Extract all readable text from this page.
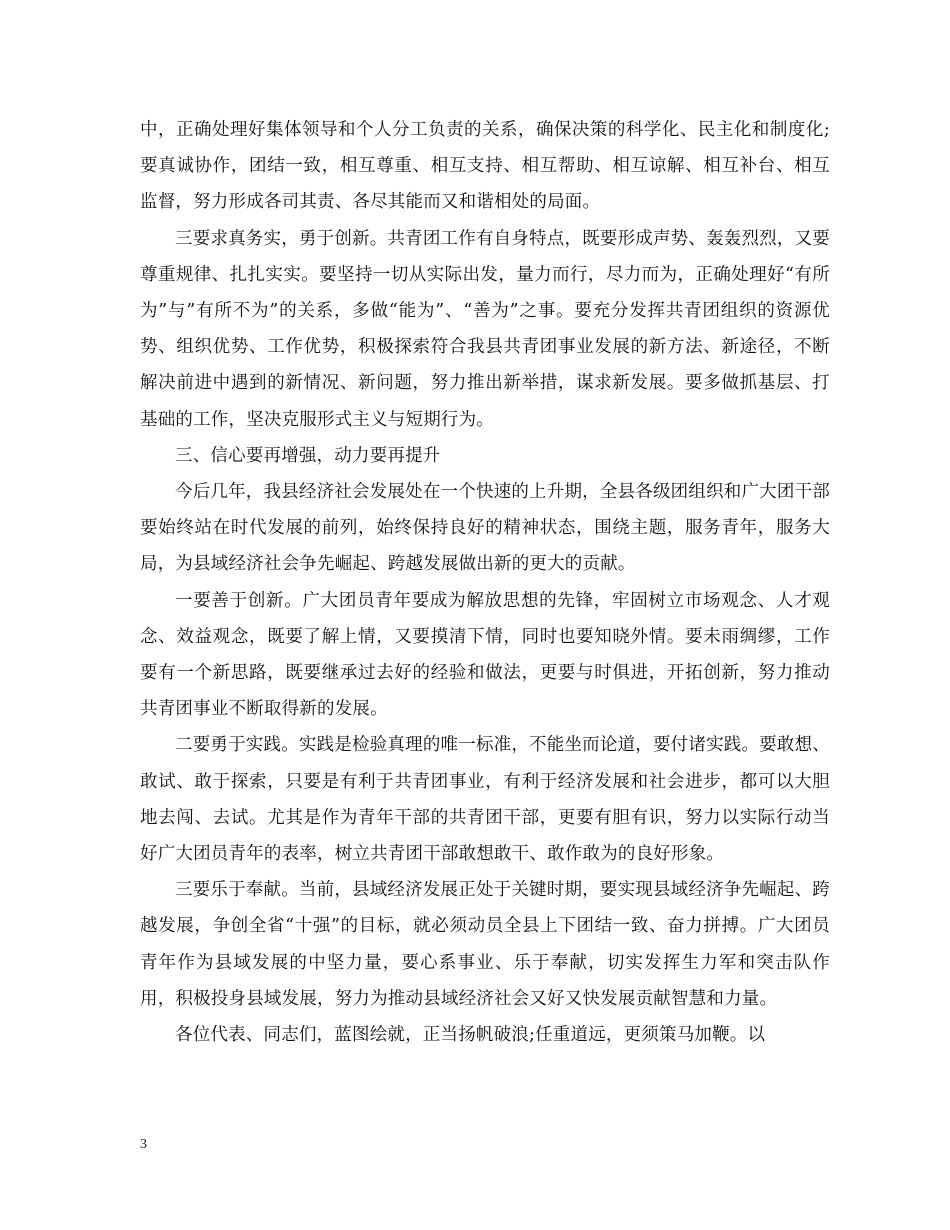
中，正确处理好集体领导和个人分工负责的关系，确保决策的科学化、民主化和制度化;要真诚协作，团结一致，相互尊重、相互支持、相互帮助、相互谅解、相互补台、相互监督，努力形成各司其责、各尽其能而又和谐相处的局面。

三要求真务实，勇于创新。共青团工作有自身特点，既要形成声势、轰轰烈烈，又要尊重规律、扎扎实实。要坚持一切从实际出发，量力而行，尽力而为，正确处理好“有所为”与”有所不为”的关系，多做“能为”、“善为”之事。要充分发挥共青团组织的资源优势、组织优势、工作优势，积极探索符合我县共青团事业发展的新方法、新途径，不断解决前进中遇到的新情况、新问题，努力推出新举措，谋求新发展。要多做抓基层、打基础的工作，坚决克服形式主义与短期行为。

三、信心要再增强，动力要再提升

今后几年，我县经济社会发展处在一个快速的上升期，全县各级团组织和广大团干部要始终站在时代发展的前列，始终保持良好的精神状态，围绕主题，服务青年，服务大局，为县域经济社会争先崛起、跨越发展做出新的更大的贡献。

一要善于创新。广大团员青年要成为解放思想的先锋，牢固树立市场观念、人才观念、效益观念，既要了解上情，又要摸清下情，同时也要知晓外情。要未雨绸缪，工作要有一个新思路，既要继承过去好的经验和做法，更要与时俱进，开拓创新，努力推动共青团事业不断取得新的发展。

二要勇于实践。实践是检验真理的唯一标准，不能坐而论道，要付诸实践。要敢想、敢试、敢于探索，只要是有利于共青团事业，有利于经济发展和社会进步，都可以大胆地去闯、去试。尤其是作为青年干部的共青团干部，更要有胆有识，努力以实际行动当好广大团员青年的表率，树立共青团干部敢想敢干、敢作敢为的良好形象。

三要乐于奉献。当前，县域经济发展正处于关键时期，要实现县域经济争先崛起、跨越发展，争创全省“十强”的目标，就必须动员全县上下团结一致、奋力拼搏。广大团员青年作为县域发展的中坚力量，要心系事业、乐于奉献，切实发挥生力军和突击队作用，积极投身县域发展，努力为推动县域经济社会又好又快发展贡献智慧和力量。

各位代表、同志们，蓝图绘就，正当扬帆破浪;任重道远，更须策马加鞭。以

3
